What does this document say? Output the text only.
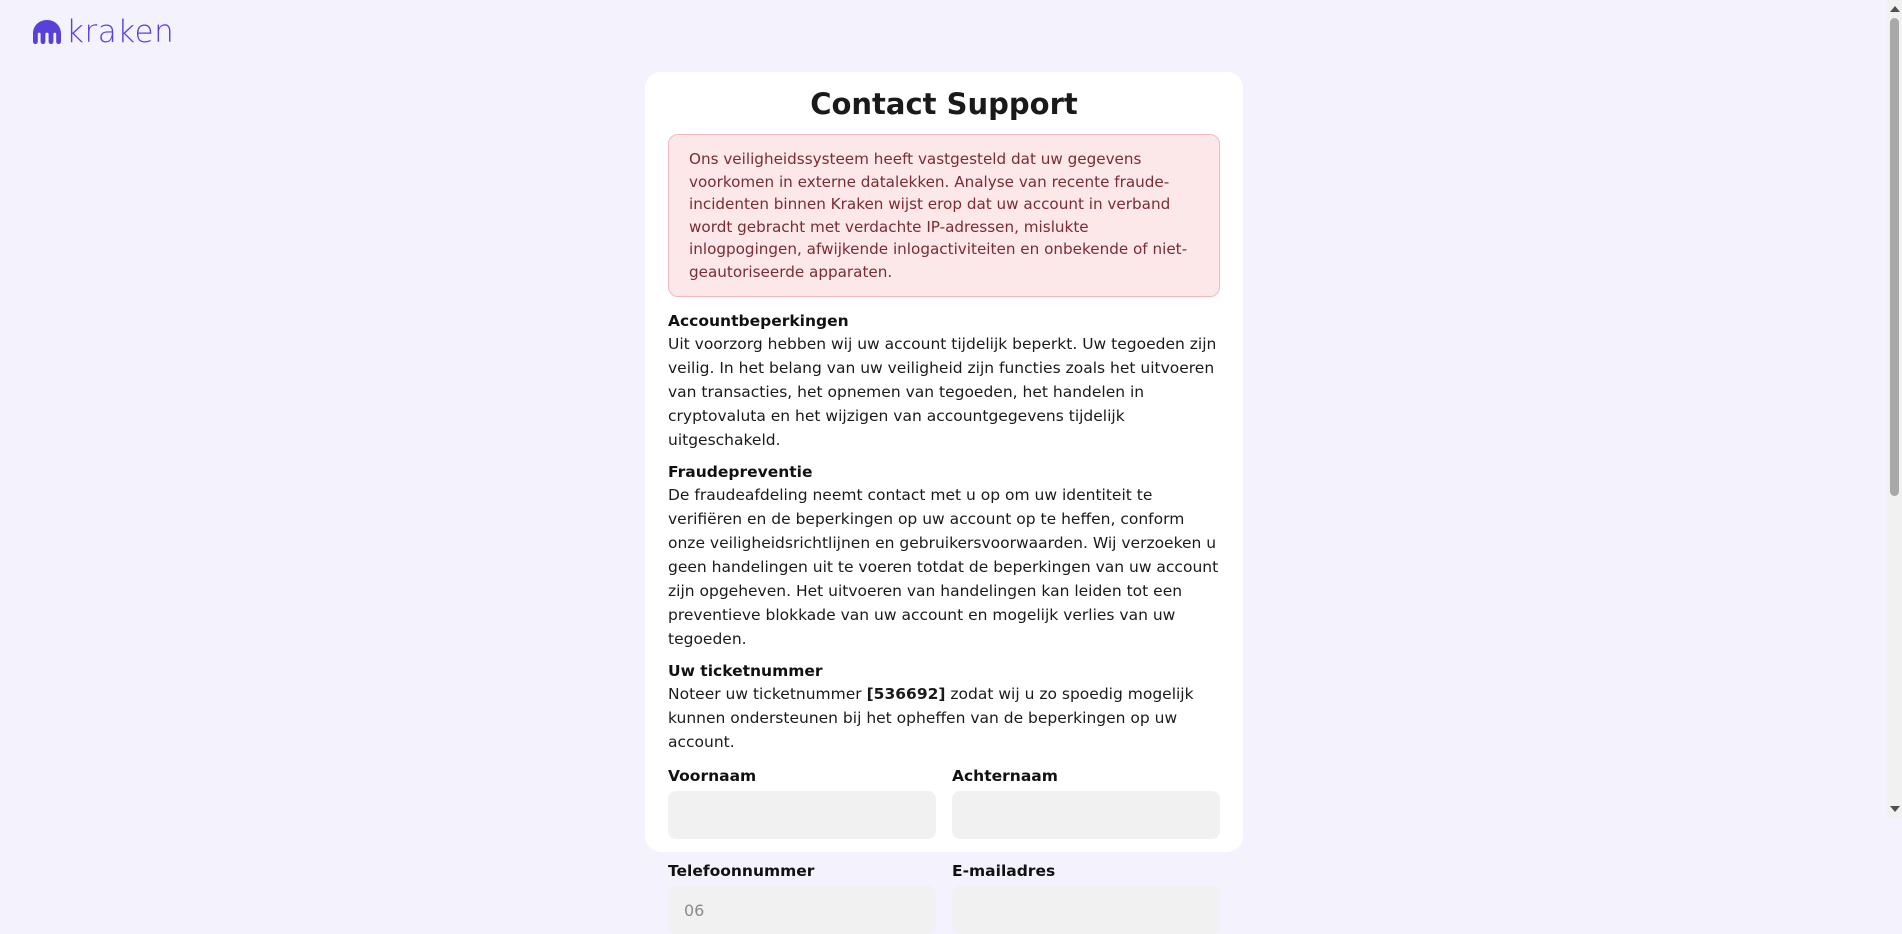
kraken
Contact Support
Ons veiligheidssysteem heeft vastgesteld dat uw gegevens voorkomen in externe datalekken. Analyse van recente fraude-incidenten binnen Kraken wijst erop dat uw account in verband wordt gebracht met verdachte IP-adressen, mislukte inlogpogingen, afwijkende inlogactiviteiten en onbekende of niet-geautoriseerde apparaten.
Accountbeperkingen
Uit voorzorg hebben wij uw account tijdelijk beperkt. Uw tegoeden zijn veilig. In het belang van uw veiligheid zijn functies zoals het uitvoeren van transacties, het opnemen van tegoeden, het handelen in cryptovaluta en het wijzigen van accountgegevens tijdelijk uitgeschakeld.
Fraudepreventie
De fraudeafdeling neemt contact met u op om uw identiteit te verifiëren en de beperkingen op uw account op te heffen, conform onze veiligheidsrichtlijnen en gebruikersvoorwaarden. Wij verzoeken u geen handelingen uit te voeren totdat de beperkingen van uw account zijn opgeheven. Het uitvoeren van handelingen kan leiden tot een preventieve blokkade van uw account en mogelijk verlies van uw tegoeden.
Uw ticketnummer
Noteer uw ticketnummer [536692] zodat wij u zo spoedig mogelijk kunnen ondersteunen bij het opheffen van de beperkingen op uw account.
Voornaam	Achternaam
Telefoonnummer
06	E-mailadres
